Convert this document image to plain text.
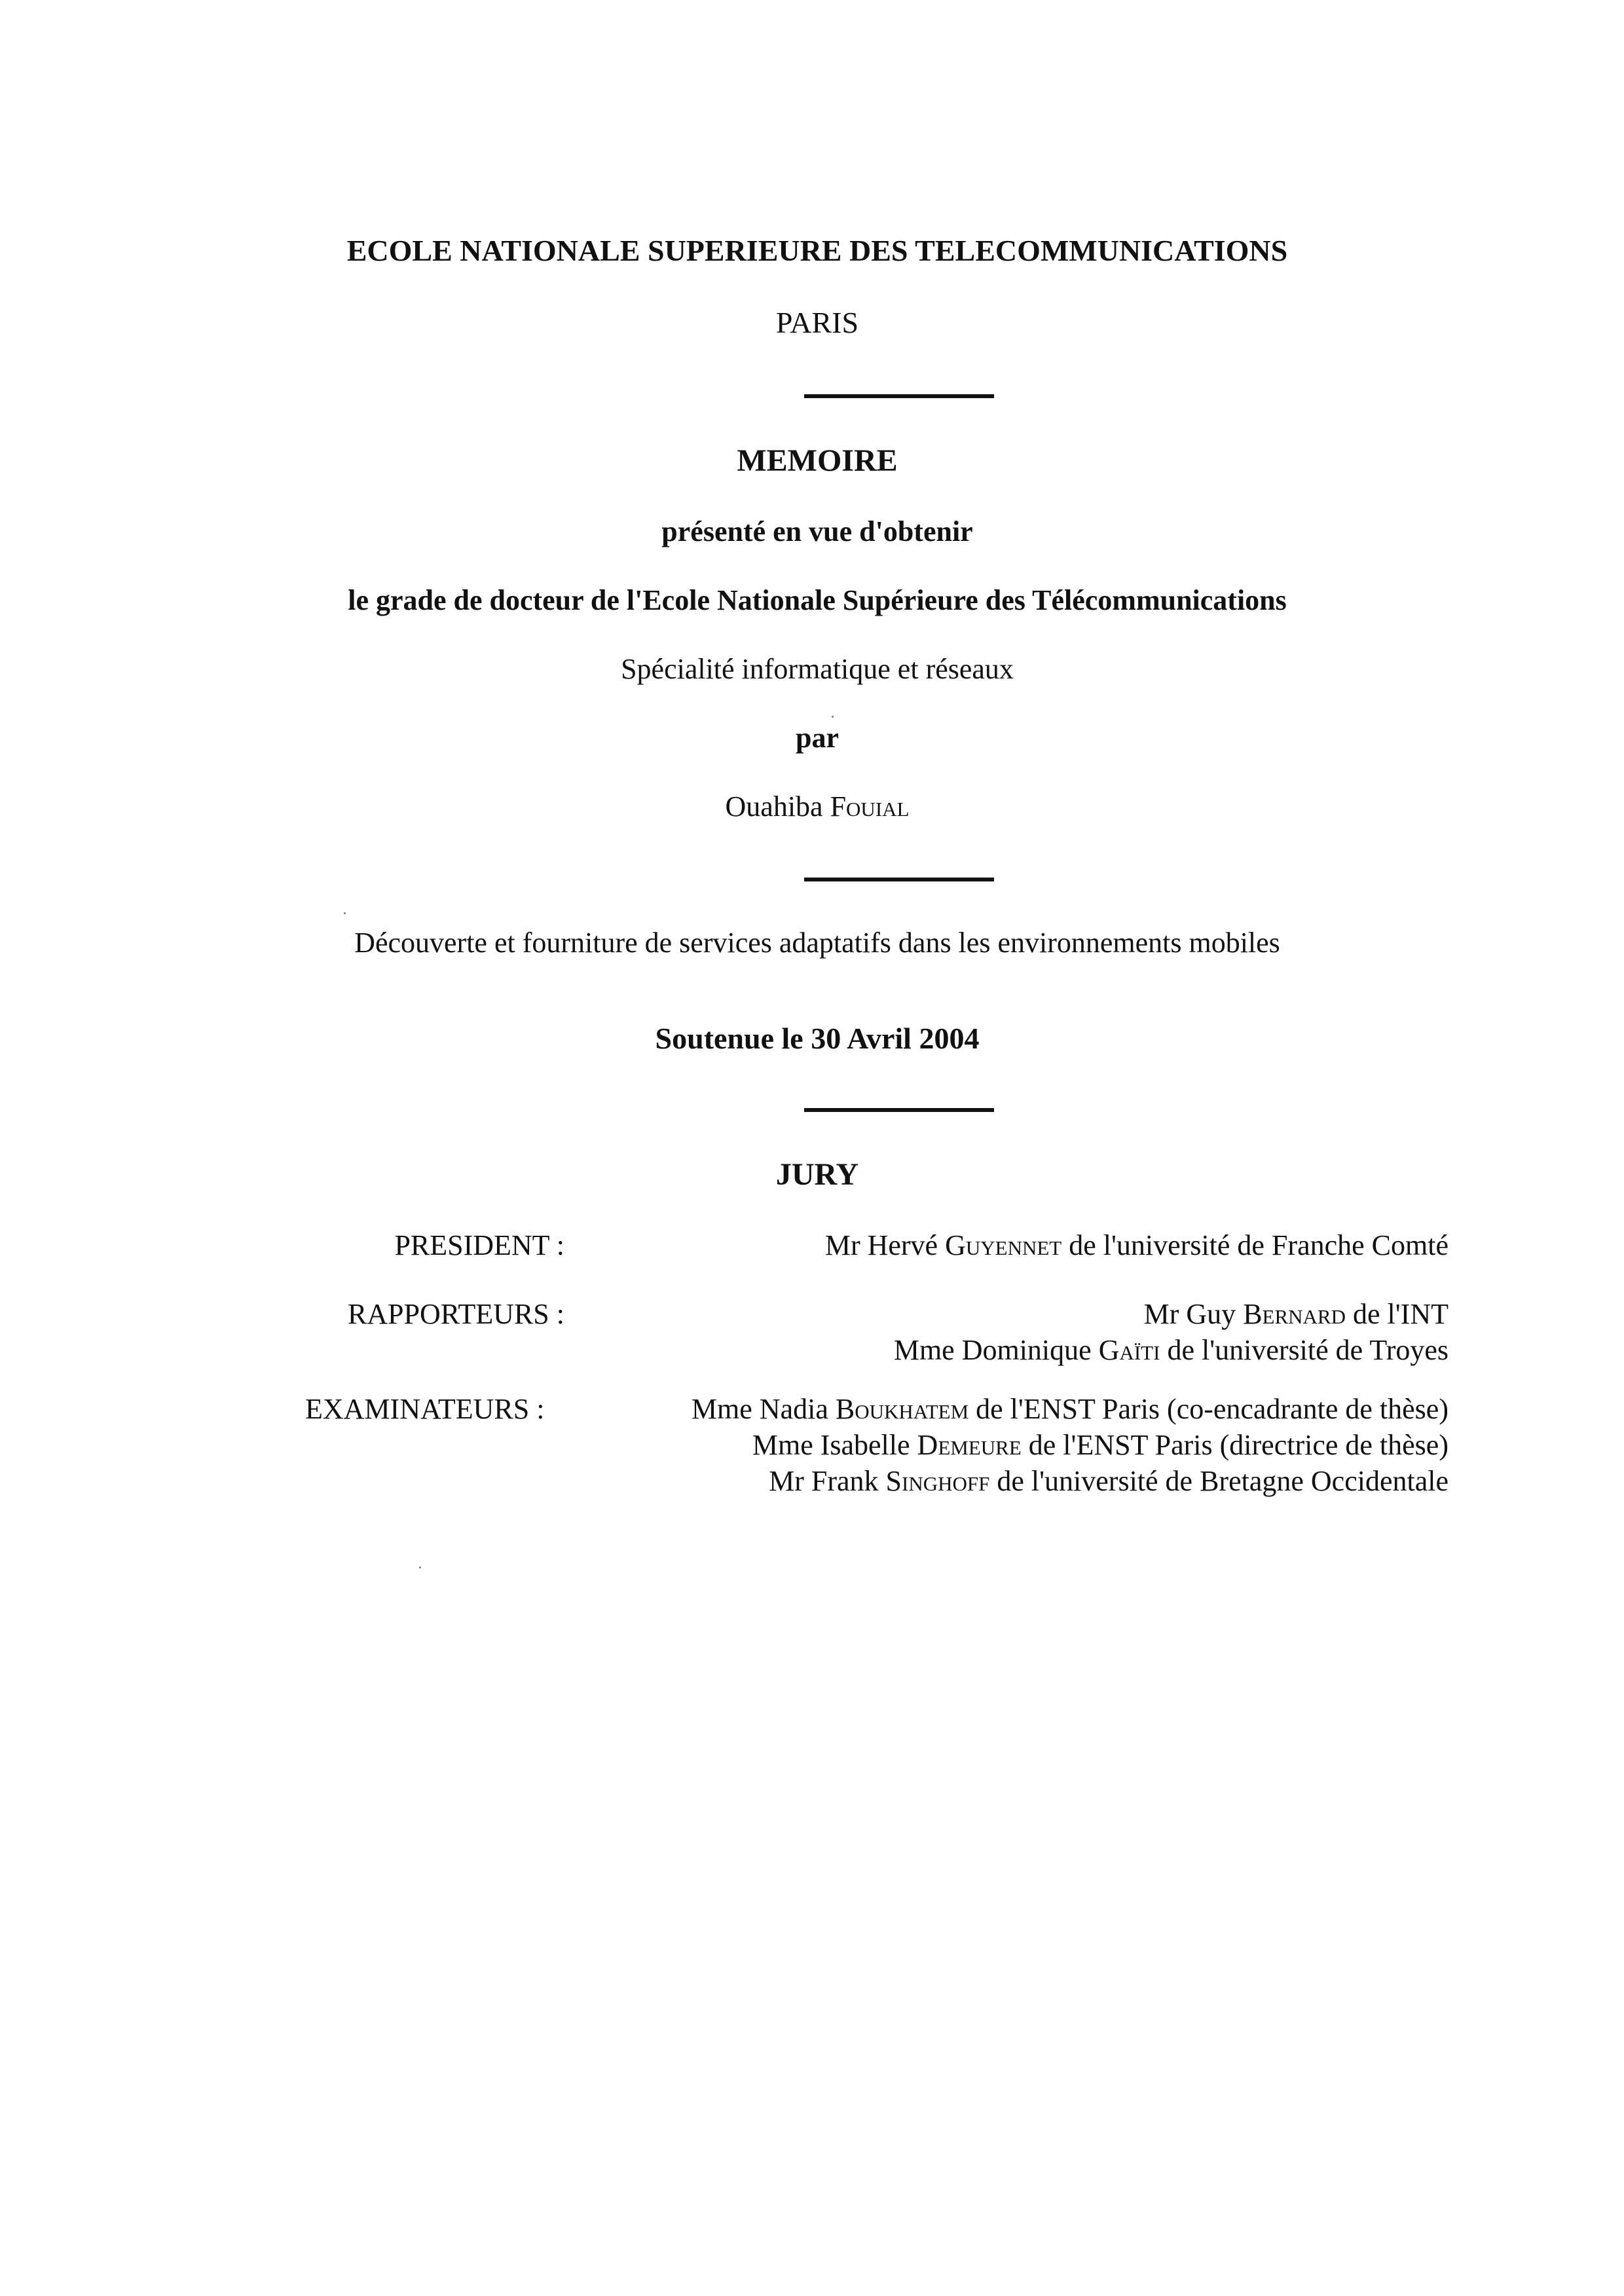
ECOLE NATIONALE SUPERIEURE DES TELECOMMUNICATIONS
PARIS
MEMOIRE
présenté en vue d'obtenir
le grade de docteur de l'Ecole Nationale Supérieure des Télécommunications
Spécialité informatique et réseaux
par
Ouahiba Fouial
Découverte et fourniture de services adaptatifs dans les environnements mobiles
Soutenue le 30 Avril 2004
JURY
PRESIDENT :
RAPPORTEURS :
EXAMINATEURS :
Mr Hervé Guyennet de l'université de Franche Comté
Mr Guy Bernard de l'INT
Mme Dominique Gaïti de l'université de Troyes
Mme Nadia Boukhatem de l'ENST Paris (co-encadrante de thèse)
Mme Isabelle Demeure de l'ENST Paris (directrice de thèse)
Mr Frank Singhoff de l'université de Bretagne Occidentale
